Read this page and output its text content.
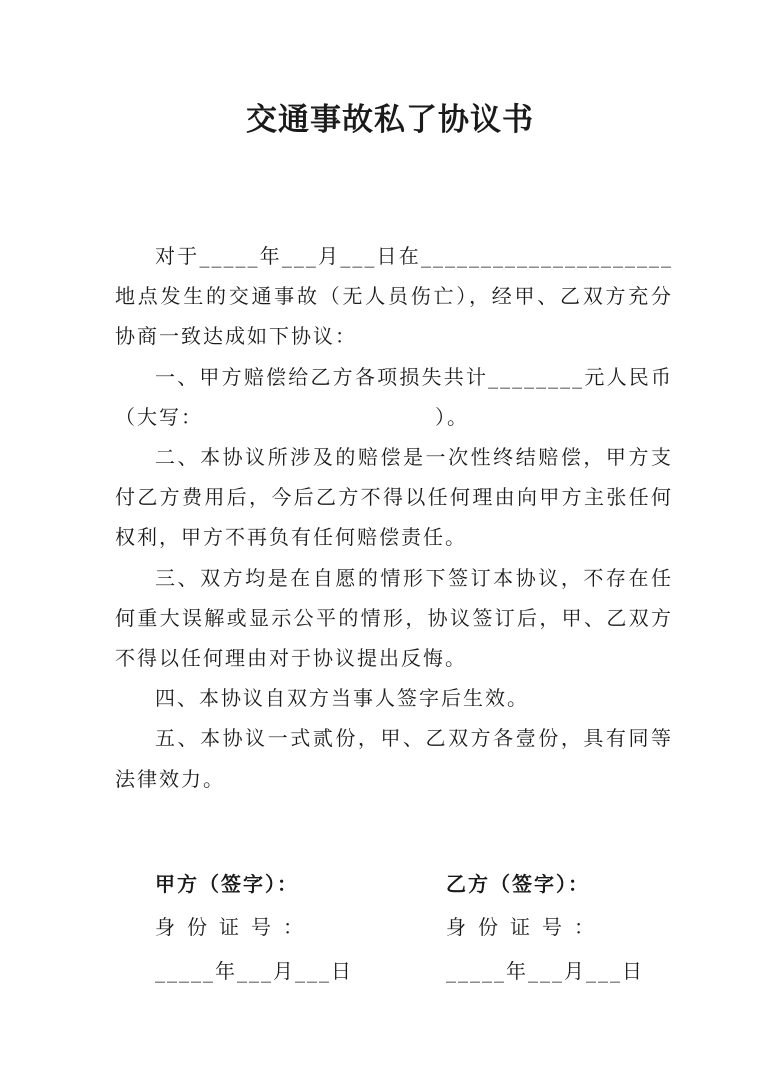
交通事故私了协议书

对于_____年___月___日在_____________________地点发生的交通事故（无人员伤亡），经甲、乙双方充分协商一致达成如下协议：

一、甲方赔偿给乙方各项损失共计________元人民币（大写：　　　　　　　　　　　）。

二、本协议所涉及的赔偿是一次性终结赔偿，甲方支付乙方费用后，今后乙方不得以任何理由向甲方主张任何权利，甲方不再负有任何赔偿责任。

三、双方均是在自愿的情形下签订本协议，不存在任何重大误解或显示公平的情形，协议签订后，甲、乙双方不得以任何理由对于协议提出反悔。

四、本协议自双方当事人签字后生效。

五、本协议一式贰份，甲、乙双方各壹份，具有同等法律效力。

甲方（签字）：
身份证号：
_____年___月___日
乙方（签字）：
身份证号：
_____年___月___日
